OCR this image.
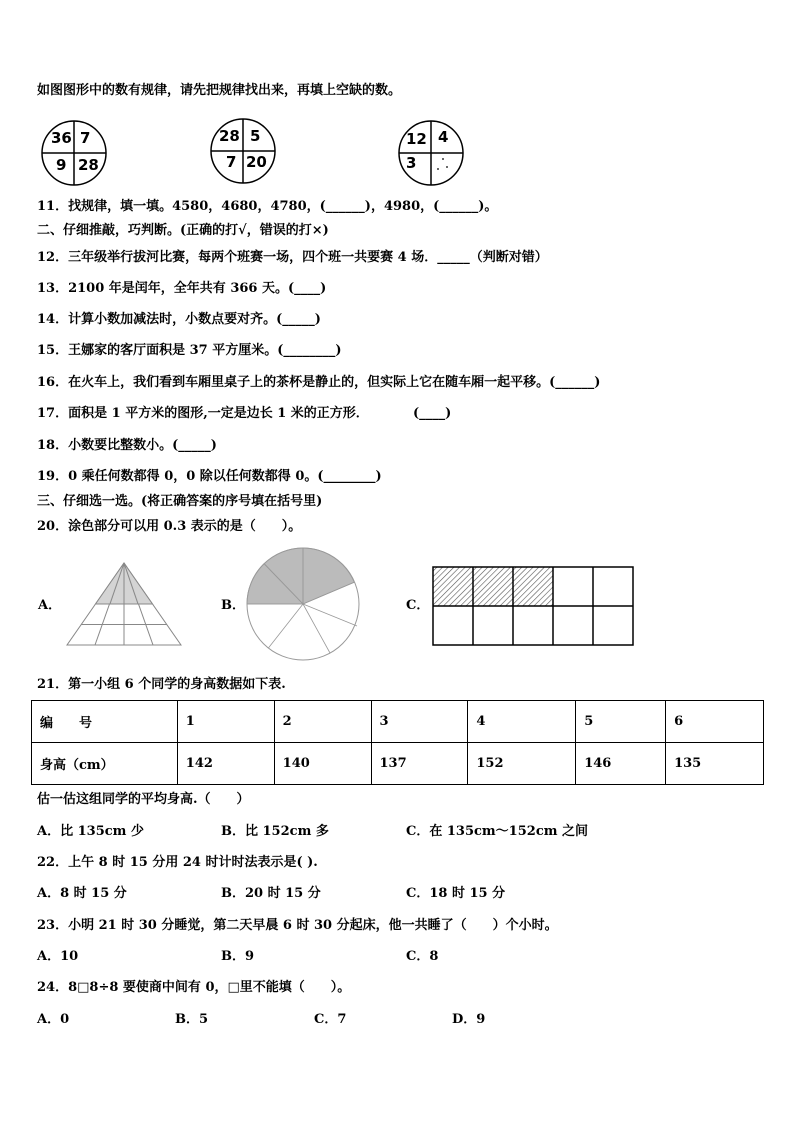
如图图形中的数有规律，请先把规律找出来，再填上空缺的数。
36 7
9 28
28 5
7 20
12 4
3
11．找规律，填一填。4580，4680，4780，(______)，4980，(______)。
二、仔细推敲，巧判断。(正确的打√，错误的打×)
12．三年级举行拔河比赛，每两个班赛一场，四个班一共要赛 4 场．_____（判断对错）
13．2100 年是闰年，全年共有 366 天。(____)
14．计算小数加减法时，小数点要对齐。(_____)
15．王娜家的客厅面积是 37 平方厘米。(________)
16．在火车上，我们看到车厢里桌子上的茶杯是静止的，但实际上它在随车厢一起平移。(______)
17．面积是 1 平方米的图形,一定是边长 1 米的正方形．	(____)
18．小数要比整数小。(_____)
19．0 乘任何数都得 0，0 除以任何数都得 0。(________)
三、仔细选一选。(将正确答案的序号填在括号里)
20．涂色部分可以用 0.3 表示的是（　　）。
A．	B．	C．
21．第一小组 6 个同学的身高数据如下表.
编　　号	1	2	3	4	5	6
身高（cm）	142	140	137	152	146	135
估一估这组同学的平均身高.（　　）
A．比 135cm 少	B．比 152cm 多	C．在 135cm～152cm 之间
22．上午 8 时 15 分用 24 时计时法表示是( ).
A．8 时 15 分	B．20 时 15 分	C．18 时 15 分
23．小明 21 时 30 分睡觉，第二天早晨 6 时 30 分起床，他一共睡了（　　）个小时。
A．10	B．9	C．8
24．8□8÷8 要使商中间有 0，□里不能填（　　）。
A．0	B．5	C．7	D．9
